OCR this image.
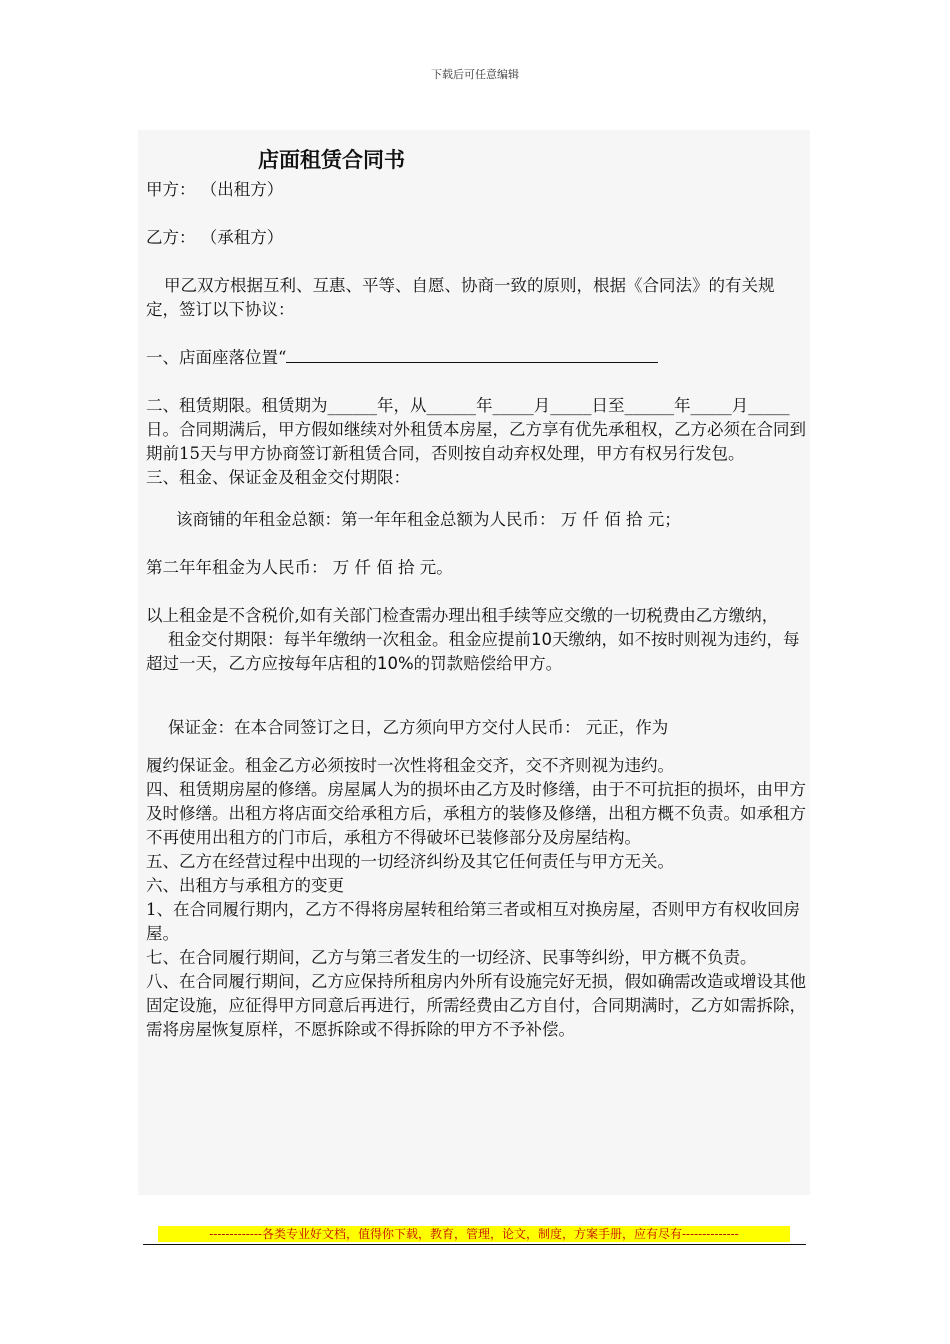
下载后可任意编辑
店面租赁合同书

甲方： （出租方）

乙方： （承租方）

甲乙双方根据互利、互惠、平等、自愿、协商一致的原则，根据《合同法》的有关规定，签订以下协议：

一、店面座落位置“

二、租赁期限。租赁期为______年，从______年_____月_____日至______年_____月_____日。合同期满后，甲方假如继续对外租赁本房屋，乙方享有优先承租权，乙方必须在合同到期前15天与甲方协商签订新租赁合同，否则按自动弃权处理，甲方有权另行发包。

三、租金、保证金及租金交付期限：

该商铺的年租金总额：第一年年租金总额为人民币： 万 仟 佰 拾 元；

第二年年租金为人民币： 万 仟 佰 拾 元。

以上租金是不含税价,如有关部门检查需办理出租手续等应交缴的一切税费由乙方缴纳，

租金交付期限：每半年缴纳一次租金。租金应提前10天缴纳，如不按时则视为违约，每超过一天，乙方应按每年店租的10%的罚款赔偿给甲方。

保证金：在本合同签订之日，乙方须向甲方交付人民币： 元正，作为

履约保证金。租金乙方必须按时一次性将租金交齐，交不齐则视为违约。

四、租赁期房屋的修缮。房屋属人为的损坏由乙方及时修缮，由于不可抗拒的损坏，由甲方及时修缮。出租方将店面交给承租方后，承租方的装修及修缮，出租方概不负责。如承租方不再使用出租方的门市后，承租方不得破坏已装修部分及房屋结构。

五、乙方在经营过程中出现的一切经济纠纷及其它任何责任与甲方无关。

六、出租方与承租方的变更

1、在合同履行期内，乙方不得将房屋转租给第三者或相互对换房屋，否则甲方有权收回房屋。

七、在合同履行期间，乙方与第三者发生的一切经济、民事等纠纷，甲方概不负责。

八、在合同履行期间，乙方应保持所租房内外所有设施完好无损，假如确需改造或增设其他固定设施，应征得甲方同意后再进行，所需经费由乙方自付，合同期满时，乙方如需拆除，需将房屋恢复原样，不愿拆除或不得拆除的甲方不予补偿。

-------------各类专业好文档，值得你下载，教育，管理，论文，制度，方案手册，应有尽有--------------
